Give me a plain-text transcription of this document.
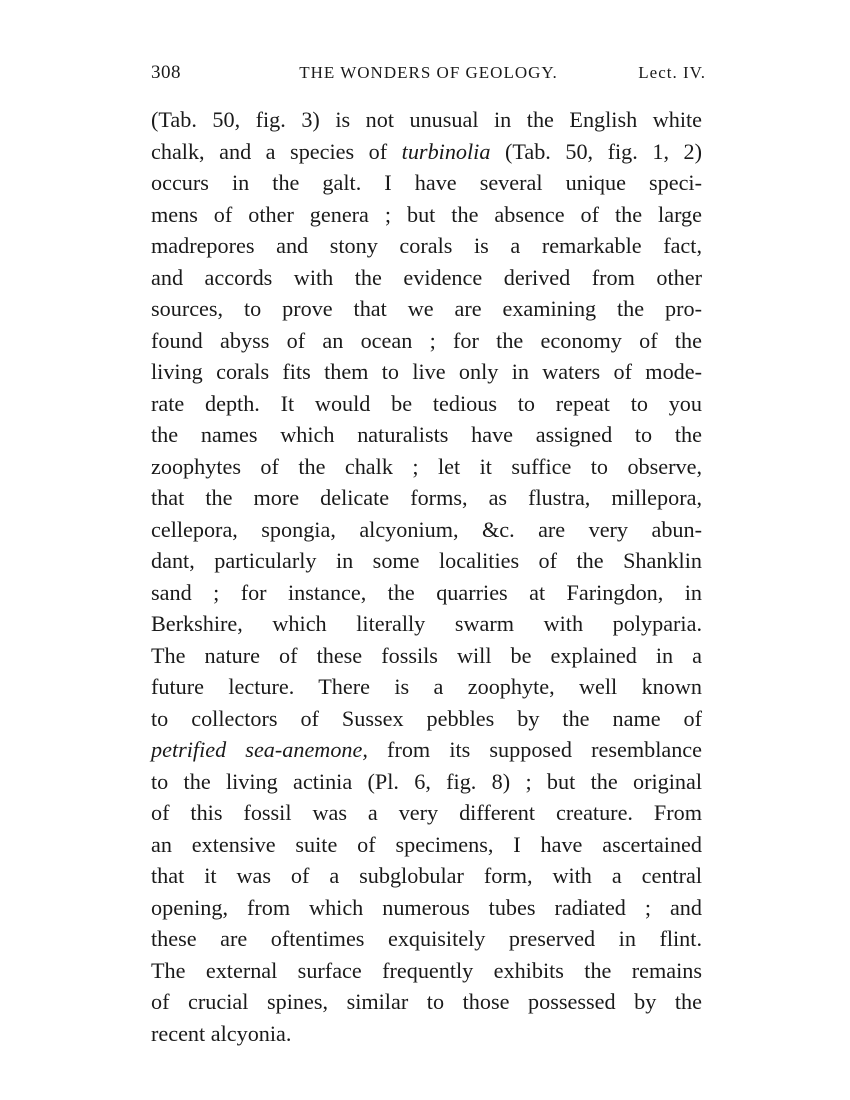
308	THE WONDERS OF GEOLOGY.	Lect. IV.
(Tab. 50, fig. 3) is not unusual in the English white
chalk, and a species of turbinolia (Tab. 50, fig. 1, 2)
occurs in the galt. I have several unique speci-
mens of other genera ; but the absence of the large
madrepores and stony corals is a remarkable fact,
and accords with the evidence derived from other
sources, to prove that we are examining the pro-
found abyss of an ocean ; for the economy of the
living corals fits them to live only in waters of mode-
rate depth. It would be tedious to repeat to you
the names which naturalists have assigned to the
zoophytes of the chalk ; let it suffice to observe,
that the more delicate forms, as flustra, millepora,
cellepora, spongia, alcyonium, &c. are very abun-
dant, particularly in some localities of the Shanklin
sand ; for instance, the quarries at Faringdon, in
Berkshire, which literally swarm with polyparia.
The nature of these fossils will be explained in a
future lecture. There is a zoophyte, well known
to collectors of Sussex pebbles by the name of
petrified sea-anemone, from its supposed resemblance
to the living actinia (Pl. 6, fig. 8) ; but the original
of this fossil was a very different creature. From
an extensive suite of specimens, I have ascertained
that it was of a subglobular form, with a central
opening, from which numerous tubes radiated ; and
these are oftentimes exquisitely preserved in flint.
The external surface frequently exhibits the remains
of crucial spines, similar to those possessed by the
recent alcyonia.
